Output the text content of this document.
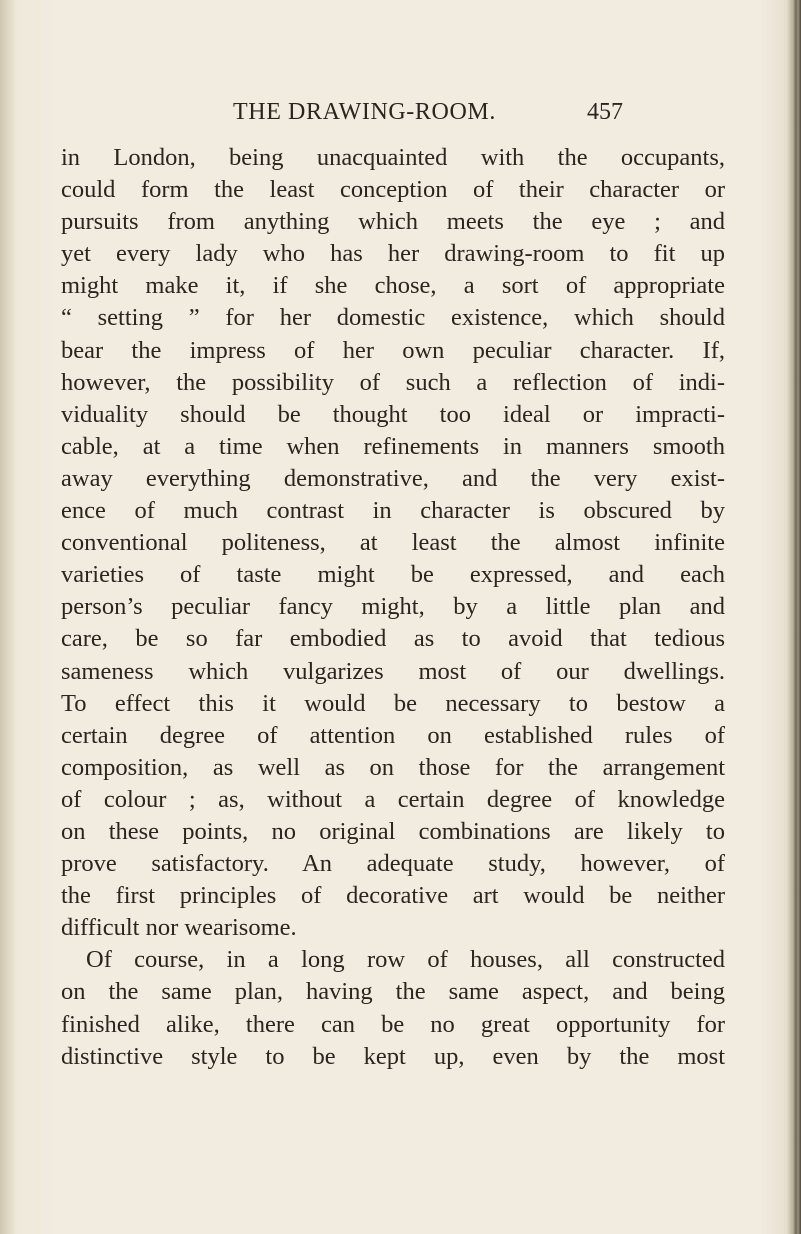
THE DRAWING-ROOM.	457
in London, being unacquainted with the occupants,
could form the least conception of their character or
pursuits from anything which meets the eye ; and
yet every lady who has her drawing-room to fit up
might make it, if she chose, a sort of appropriate
“ setting ” for her domestic existence, which should
bear the impress of her own peculiar character. If,
however, the possibility of such a reflection of indi-
viduality should be thought too ideal or impracti-
cable, at a time when refinements in manners smooth
away everything demonstrative, and the very exist-
ence of much contrast in character is obscured by
conventional politeness, at least the almost infinite
varieties of taste might be expressed, and each
person’s peculiar fancy might, by a little plan and
care, be so far embodied as to avoid that tedious
sameness which vulgarizes most of our dwellings.
To effect this it would be necessary to bestow a
certain degree of attention on established rules of
composition, as well as on those for the arrangement
of colour ; as, without a certain degree of knowledge
on these points, no original combinations are likely to
prove satisfactory. An adequate study, however, of
the first principles of decorative art would be neither
difficult nor wearisome.
Of course, in a long row of houses, all constructed
on the same plan, having the same aspect, and being
finished alike, there can be no great opportunity for
distinctive style to be kept up, even by the most
